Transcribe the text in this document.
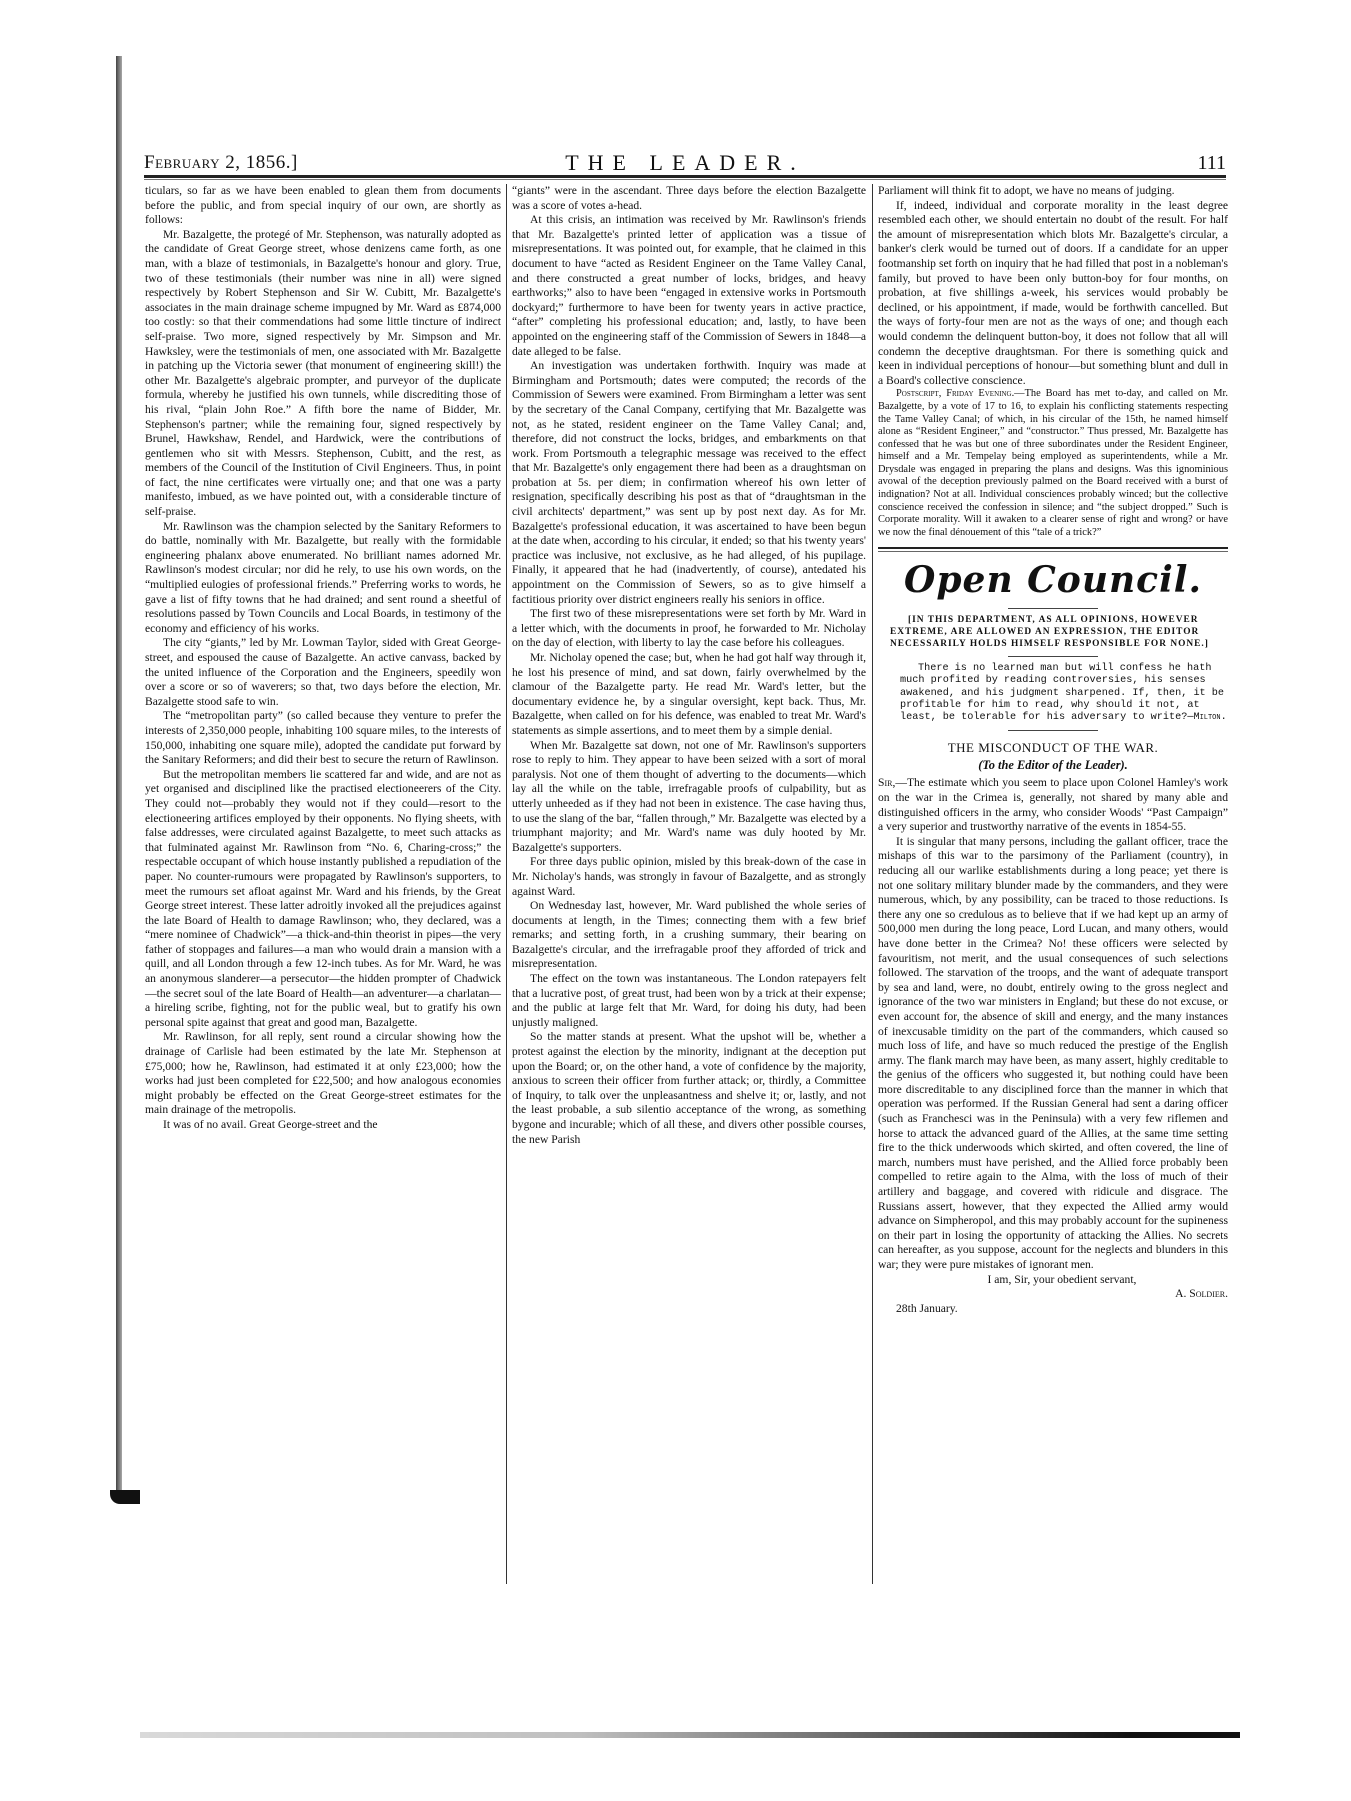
February 2, 1856.]	THE LEADER.	111

ticulars, so far as we have been enabled to glean them from documents before the public, and from special inquiry of our own, are shortly as follows:

Mr. Bazalgette, the protegé of Mr. Stephenson, was naturally adopted as the candidate of Great George street, whose denizens came forth, as one man, with a blaze of testimonials, in Bazalgette's honour and glory. True, two of these testimonials (their number was nine in all) were signed respectively by Robert Stephenson and Sir W. Cubitt, Mr. Bazalgette's associates in the main drainage scheme impugned by Mr. Ward as £874,000 too costly: so that their commendations had some little tincture of indirect self-praise. Two more, signed respectively by Mr. Simpson and Mr. Hawksley, were the testimonials of men, one associated with Mr. Bazalgette in patching up the Victoria sewer (that monument of engineering skill!) the other Mr. Bazalgette's algebraic prompter, and purveyor of the duplicate formula, whereby he justified his own tunnels, while discrediting those of his rival, “plain John Roe.” A fifth bore the name of Bidder, Mr. Stephenson's partner; while the remaining four, signed respectively by Brunel, Hawkshaw, Rendel, and Hardwick, were the contributions of gentlemen who sit with Messrs. Stephenson, Cubitt, and the rest, as members of the Council of the Institution of Civil Engineers. Thus, in point of fact, the nine certificates were virtually one; and that one was a party manifesto, imbued, as we have pointed out, with a considerable tincture of self-praise.

Mr. Rawlinson was the champion selected by the Sanitary Reformers to do battle, nominally with Mr. Bazalgette, but really with the formidable engineering phalanx above enumerated. No brilliant names adorned Mr. Rawlinson's modest circular; nor did he rely, to use his own words, on the “multiplied eulogies of professional friends.” Preferring works to words, he gave a list of fifty towns that he had drained; and sent round a sheetful of resolutions passed by Town Councils and Local Boards, in testimony of the economy and efficiency of his works.

The city “giants,” led by Mr. Lowman Taylor, sided with Great George-street, and espoused the cause of Bazalgette. An active canvass, backed by the united influence of the Corporation and the Engineers, speedily won over a score or so of waverers; so that, two days before the election, Mr. Bazalgette stood safe to win.

The “metropolitan party” (so called because they venture to prefer the interests of 2,350,000 people, inhabiting 100 square miles, to the interests of 150,000, inhabiting one square mile), adopted the candidate put forward by the Sanitary Reformers; and did their best to secure the return of Rawlinson.

But the metropolitan members lie scattered far and wide, and are not as yet organised and disciplined like the practised electioneerers of the City. They could not—probably they would not if they could—resort to the electioneering artifices employed by their opponents. No flying sheets, with false addresses, were circulated against Bazalgette, to meet such attacks as that fulminated against Mr. Rawlinson from “No. 6, Charing-cross;” the respectable occupant of which house instantly published a repudiation of the paper. No counter-rumours were propagated by Rawlinson's supporters, to meet the rumours set afloat against Mr. Ward and his friends, by the Great George street interest. These latter adroitly invoked all the prejudices against the late Board of Health to damage Rawlinson; who, they declared, was a “mere nominee of Chadwick”—a thick-and-thin theorist in pipes—the very father of stoppages and failures—a man who would drain a mansion with a quill, and all London through a few 12-inch tubes. As for Mr. Ward, he was an anonymous slanderer—a persecutor—the hidden prompter of Chadwick—the secret soul of the late Board of Health—an adventurer—a charlatan—a hireling scribe, fighting, not for the public weal, but to gratify his own personal spite against that great and good man, Bazalgette.

Mr. Rawlinson, for all reply, sent round a circular showing how the drainage of Carlisle had been estimated by the late Mr. Stephenson at £75,000; how he, Rawlinson, had estimated it at only £23,000; how the works had just been completed for £22,500; and how analogous economies might probably be effected on the Great George-street estimates for the main drainage of the metropolis.

It was of no avail. Great George-street and the

“giants” were in the ascendant. Three days before the election Bazalgette was a score of votes a-head.

At this crisis, an intimation was received by Mr. Rawlinson's friends that Mr. Bazalgette's printed letter of application was a tissue of misrepresentations. It was pointed out, for example, that he claimed in this document to have “acted as Resident Engineer on the Tame Valley Canal, and there constructed a great number of locks, bridges, and heavy earthworks;” also to have been “engaged in extensive works in Portsmouth dockyard;” furthermore to have been for twenty years in active practice, “after” completing his professional education; and, lastly, to have been appointed on the engineering staff of the Commission of Sewers in 1848—a date alleged to be false.

An investigation was undertaken forthwith. Inquiry was made at Birmingham and Portsmouth; dates were computed; the records of the Commission of Sewers were examined. From Birmingham a letter was sent by the secretary of the Canal Company, certifying that Mr. Bazalgette was not, as he stated, resident engineer on the Tame Valley Canal; and, therefore, did not construct the locks, bridges, and embarkments on that work. From Portsmouth a telegraphic message was received to the effect that Mr. Bazalgette's only engagement there had been as a draughtsman on probation at 5s. per diem; in confirmation whereof his own letter of resignation, specifically describing his post as that of “draughtsman in the civil architects' department,” was sent up by post next day. As for Mr. Bazalgette's professional education, it was ascertained to have been begun at the date when, according to his circular, it ended; so that his twenty years' practice was inclusive, not exclusive, as he had alleged, of his pupilage. Finally, it appeared that he had (inadvertently, of course), antedated his appointment on the Commission of Sewers, so as to give himself a factitious priority over district engineers really his seniors in office.

The first two of these misrepresentations were set forth by Mr. Ward in a letter which, with the documents in proof, he forwarded to Mr. Nicholay on the day of election, with liberty to lay the case before his colleagues.

Mr. Nicholay opened the case; but, when he had got half way through it, he lost his presence of mind, and sat down, fairly overwhelmed by the clamour of the Bazalgette party. He read Mr. Ward's letter, but the documentary evidence he, by a singular oversight, kept back. Thus, Mr. Bazalgette, when called on for his defence, was enabled to treat Mr. Ward's statements as simple assertions, and to meet them by a simple denial.

When Mr. Bazalgette sat down, not one of Mr. Rawlinson's supporters rose to reply to him. They appear to have been seized with a sort of moral paralysis. Not one of them thought of adverting to the documents—which lay all the while on the table, irrefragable proofs of culpability, but as utterly unheeded as if they had not been in existence. The case having thus, to use the slang of the bar, “fallen through,” Mr. Bazalgette was elected by a triumphant majority; and Mr. Ward's name was duly hooted by Mr. Bazalgette's supporters.

For three days public opinion, misled by this break-down of the case in Mr. Nicholay's hands, was strongly in favour of Bazalgette, and as strongly against Ward.

On Wednesday last, however, Mr. Ward published the whole series of documents at length, in the Times; connecting them with a few brief remarks; and setting forth, in a crushing summary, their bearing on Bazalgette's circular, and the irrefragable proof they afforded of trick and misrepresentation.

The effect on the town was instantaneous. The London ratepayers felt that a lucrative post, of great trust, had been won by a trick at their expense; and the public at large felt that Mr. Ward, for doing his duty, had been unjustly maligned.

So the matter stands at present. What the upshot will be, whether a protest against the election by the minority, indignant at the deception put upon the Board; or, on the other hand, a vote of confidence by the majority, anxious to screen their officer from further attack; or, thirdly, a Committee of Inquiry, to talk over the unpleasantness and shelve it; or, lastly, and not the least probable, a sub silentio acceptance of the wrong, as something bygone and incurable; which of all these, and divers other possible courses, the new Parish

Parliament will think fit to adopt, we have no means of judging.

If, indeed, individual and corporate morality in the least degree resembled each other, we should entertain no doubt of the result. For half the amount of misrepresentation which blots Mr. Bazalgette's circular, a banker's clerk would be turned out of doors. If a candidate for an upper footmanship set forth on inquiry that he had filled that post in a nobleman's family, but proved to have been only button-boy for four months, on probation, at five shillings a-week, his services would probably be declined, or his appointment, if made, would be forthwith cancelled. But the ways of forty-four men are not as the ways of one; and though each would condemn the delinquent button-boy, it does not follow that all will condemn the deceptive draughtsman. For there is something quick and keen in individual perceptions of honour—but something blunt and dull in a Board's collective conscience.

Postscript, Friday Evening.—The Board has met to-day, and called on Mr. Bazalgette, by a vote of 17 to 16, to explain his conflicting statements respecting the Tame Valley Canal; of which, in his circular of the 15th, he named himself alone as “Resident Engineer,” and “constructor.” Thus pressed, Mr. Bazalgette has confessed that he was but one of three subordinates under the Resident Engineer, himself and a Mr. Tempelay being employed as superintendents, while a Mr. Drysdale was engaged in preparing the plans and designs. Was this ignominious avowal of the deception previously palmed on the Board received with a burst of indignation? Not at all. Individual consciences probably winced; but the collective conscience received the confession in silence; and “the subject dropped.” Such is Corporate morality. Will it awaken to a clearer sense of right and wrong? or have we now the final dénouement of this “tale of a trick?”

Open Council.

[IN THIS DEPARTMENT, AS ALL OPINIONS, HOWEVER EXTREME, ARE ALLOWED AN EXPRESSION, THE EDITOR NECESSARILY HOLDS HIMSELF RESPONSIBLE FOR NONE.]

There is no learned man but will confess he hath much profited by reading controversies, his senses awakened, and his judgment sharpened. If, then, it be profitable for him to read, why should it not, at least, be tolerable for his adversary to write?—Milton.

THE MISCONDUCT OF THE WAR.
(To the Editor of the Leader).

Sir,—The estimate which you seem to place upon Colonel Hamley's work on the war in the Crimea is, generally, not shared by many able and distinguished officers in the army, who consider Woods' “Past Campaign” a very superior and trustworthy narrative of the events in 1854-55.

It is singular that many persons, including the gallant officer, trace the mishaps of this war to the parsimony of the Parliament (country), in reducing all our warlike establishments during a long peace; yet there is not one solitary military blunder made by the commanders, and they were numerous, which, by any possibility, can be traced to those reductions. Is there any one so credulous as to believe that if we had kept up an army of 500,000 men during the long peace, Lord Lucan, and many others, would have done better in the Crimea? No! these officers were selected by favouritism, not merit, and the usual consequences of such selections followed. The starvation of the troops, and the want of adequate transport by sea and land, were, no doubt, entirely owing to the gross neglect and ignorance of the two war ministers in England; but these do not excuse, or even account for, the absence of skill and energy, and the many instances of inexcusable timidity on the part of the commanders, which caused so much loss of life, and have so much reduced the prestige of the English army. The flank march may have been, as many assert, highly creditable to the genius of the officers who suggested it, but nothing could have been more discreditable to any disciplined force than the manner in which that operation was performed. If the Russian General had sent a daring officer (such as Franchesci was in the Peninsula) with a very few riflemen and horse to attack the advanced guard of the Allies, at the same time setting fire to the thick underwoods which skirted, and often covered, the line of march, numbers must have perished, and the Allied force probably been compelled to retire again to the Alma, with the loss of much of their artillery and baggage, and covered with ridicule and disgrace. The Russians assert, however, that they expected the Allied army would advance on Simpheropol, and this may probably account for the supineness on their part in losing the opportunity of attacking the Allies. No secrets can hereafter, as you suppose, account for the neglects and blunders in this war; they were pure mistakes of ignorant men.

I am, Sir, your obedient servant,

A. Soldier.

28th January.
